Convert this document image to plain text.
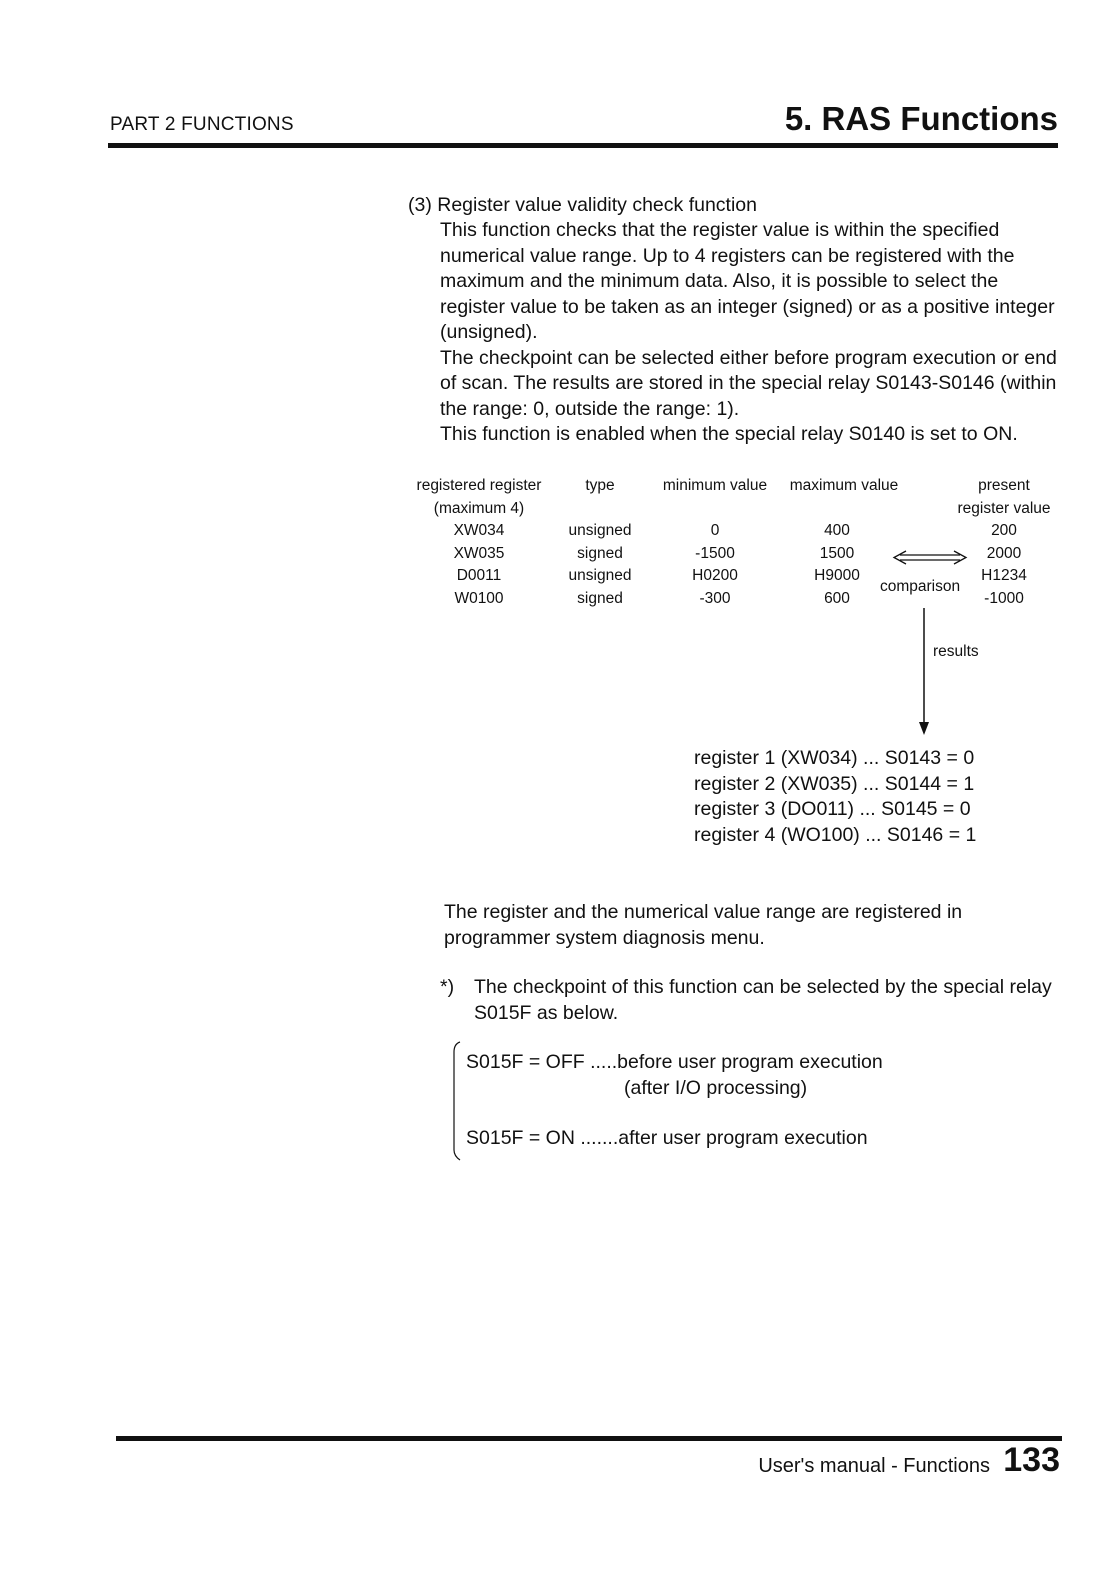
PART 2 FUNCTIONS	5. RAS Functions
(3) Register value validity check function

This function checks that the register value is within the specified numerical value range. Up to 4 registers can be registered with the maximum and the minimum data. Also, it is possible to select the register value to be taken as an integer (signed) or as a positive integer (unsigned).

The checkpoint can be selected either before program execution or end of scan. The results are stored in the special relay S0143-S0146 (within the range: 0, outside the range: 1).

This function is enabled when the special relay S0140 is set to ON.

registered register
(maximum 4)
XW034
XW035
D0011
W0100
type

unsigned
signed
unsigned
signed
minimum value

0
-1500
H0200
-300
maximum value

400
1500
H9000
600
present
register value
200
2000
H1234
-1000
comparison
results
register 1 (XW034) ... S0143 = 0
register 2 (XW035) ... S0144 = 1
register 3 (DO011) ... S0145 = 0
register 4 (WO100) ... S0146 = 1
The register and the numerical value range are registered in programmer system diagnosis menu.
*) The checkpoint of this function can be selected by the special relay S015F as below.
S015F = OFF .....before user program execution
(after I/O processing)
S015F = ON .......after user program execution
User's manual - Functions 133
